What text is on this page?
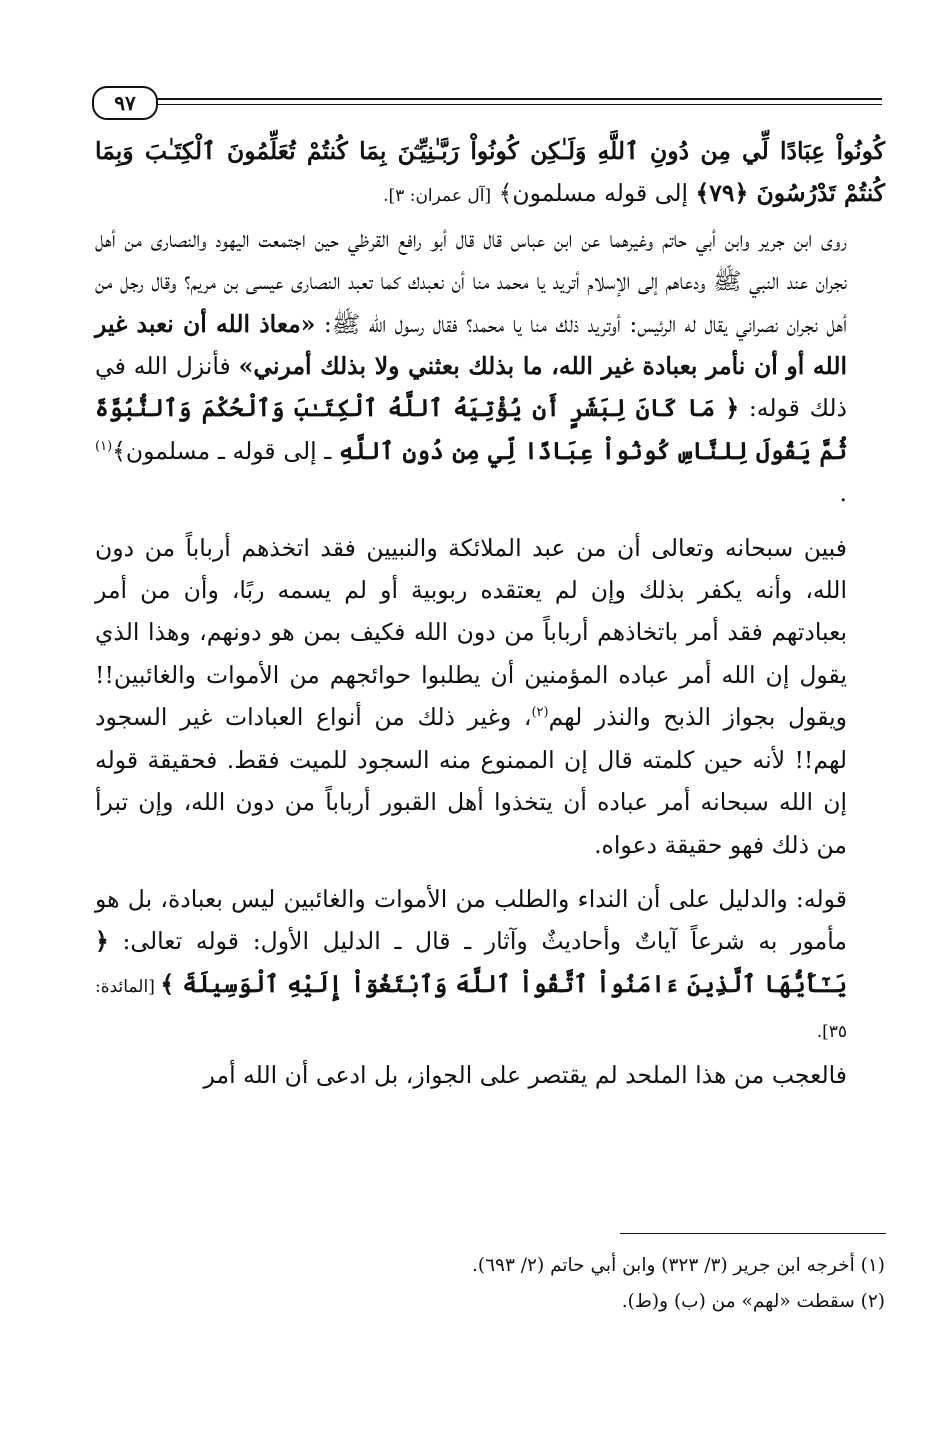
٩٧

كُونُواْ عِبَادًا لِّي مِن دُونِ ٱللَّهِ وَلَـٰكِن كُونُواْ رَبَّـٰنِيِّـۧنَ بِمَا كُنتُمْ تُعَلِّمُونَ ٱلْكِتَـٰبَ وَبِمَا كُنتُمْ تَدْرُسُونَ ﴿٧٩﴾ إلى قوله مسلمون﴾ [آل عمران: ٣].

روى ابن جرير وابن أبي حاتم وغيرهما عن ابن عباس قال قال أبو رافع القرظي حين اجتمعت اليهود والنصارى من أهل نجران عند النبي ﷺ ودعاهم إلى الإسلام أتريد يا محمد منا أن نعبدك كما تعبد النصارى عيسى بن مريم؟ وقال رجل من أهل نجران نصراني يقال له الرئيس: أوتريد ذلك منا يا محمد؟ فقال رسول الله ﷺ: «معاذ الله أن نعبد غير الله أو أن نأمر بعبادة غير الله، ما بذلك بعثني ولا بذلك أمرني» فأنزل الله في ذلك قوله: ﴿ مَا كَانَ لِبَشَرٍ أَن يُؤْتِيَهُ ٱللَّهُ ٱلْكِتَـٰبَ وَٱلْحُكْمَ وَٱلنُّبُوَّةَ ثُمَّ يَقُولَ لِلنَّاسِ كُونُواْ عِبَادًا لِّي مِن دُونِ ٱللَّهِ ـ إلى قوله ـ مسلمون﴾$^{(١)}$ .

فبين سبحانه وتعالى أن من عبد الملائكة والنبيين فقد اتخذهم أرباباً من دون الله، وأنه يكفر بذلك وإن لم يعتقده ربوبية أو لم يسمه ربًا، وأن من أمر بعبادتهم فقد أمر باتخاذهم أرباباً من دون الله فكيف بمن هو دونهم، وهذا الذي يقول إن الله أمر عباده المؤمنين أن يطلبوا حوائجهم من الأموات والغائبين!! ويقول بجواز الذبح والنذر لهم$^{(٢)}$، وغير ذلك من أنواع العبادات غير السجود لهم!! لأنه حين كلمته قال إن الممنوع منه السجود للميت فقط. فحقيقة قوله إن الله سبحانه أمر عباده أن يتخذوا أهل القبور أرباباً من دون الله، وإن تبرأ من ذلك فهو حقيقة دعواه.

قوله: والدليل على أن النداء والطلب من الأموات والغائبين ليس بعبادة، بل هو مأمور به شرعاً آياتٌ وأحاديثٌ وآثار ـ قال ـ الدليل الأول: قوله تعالى: ﴿ يَـٰٓأَيُّهَا ٱلَّذِينَ ءَامَنُواْ ٱتَّقُواْ ٱللَّهَ وَٱبْتَغُوٓاْ إِلَيْهِ ٱلْوَسِيلَةَ ﴾ [المائدة: ٣٥].

فالعجب من هذا الملحد لم يقتصر على الجواز، بل ادعى أن الله أمر

(١) أخرجه ابن جرير (٣/ ٣٢٣) وابن أبي حاتم (٢/ ٦٩٣).

(٢) سقطت «لهم» من (ب) و(ط).
